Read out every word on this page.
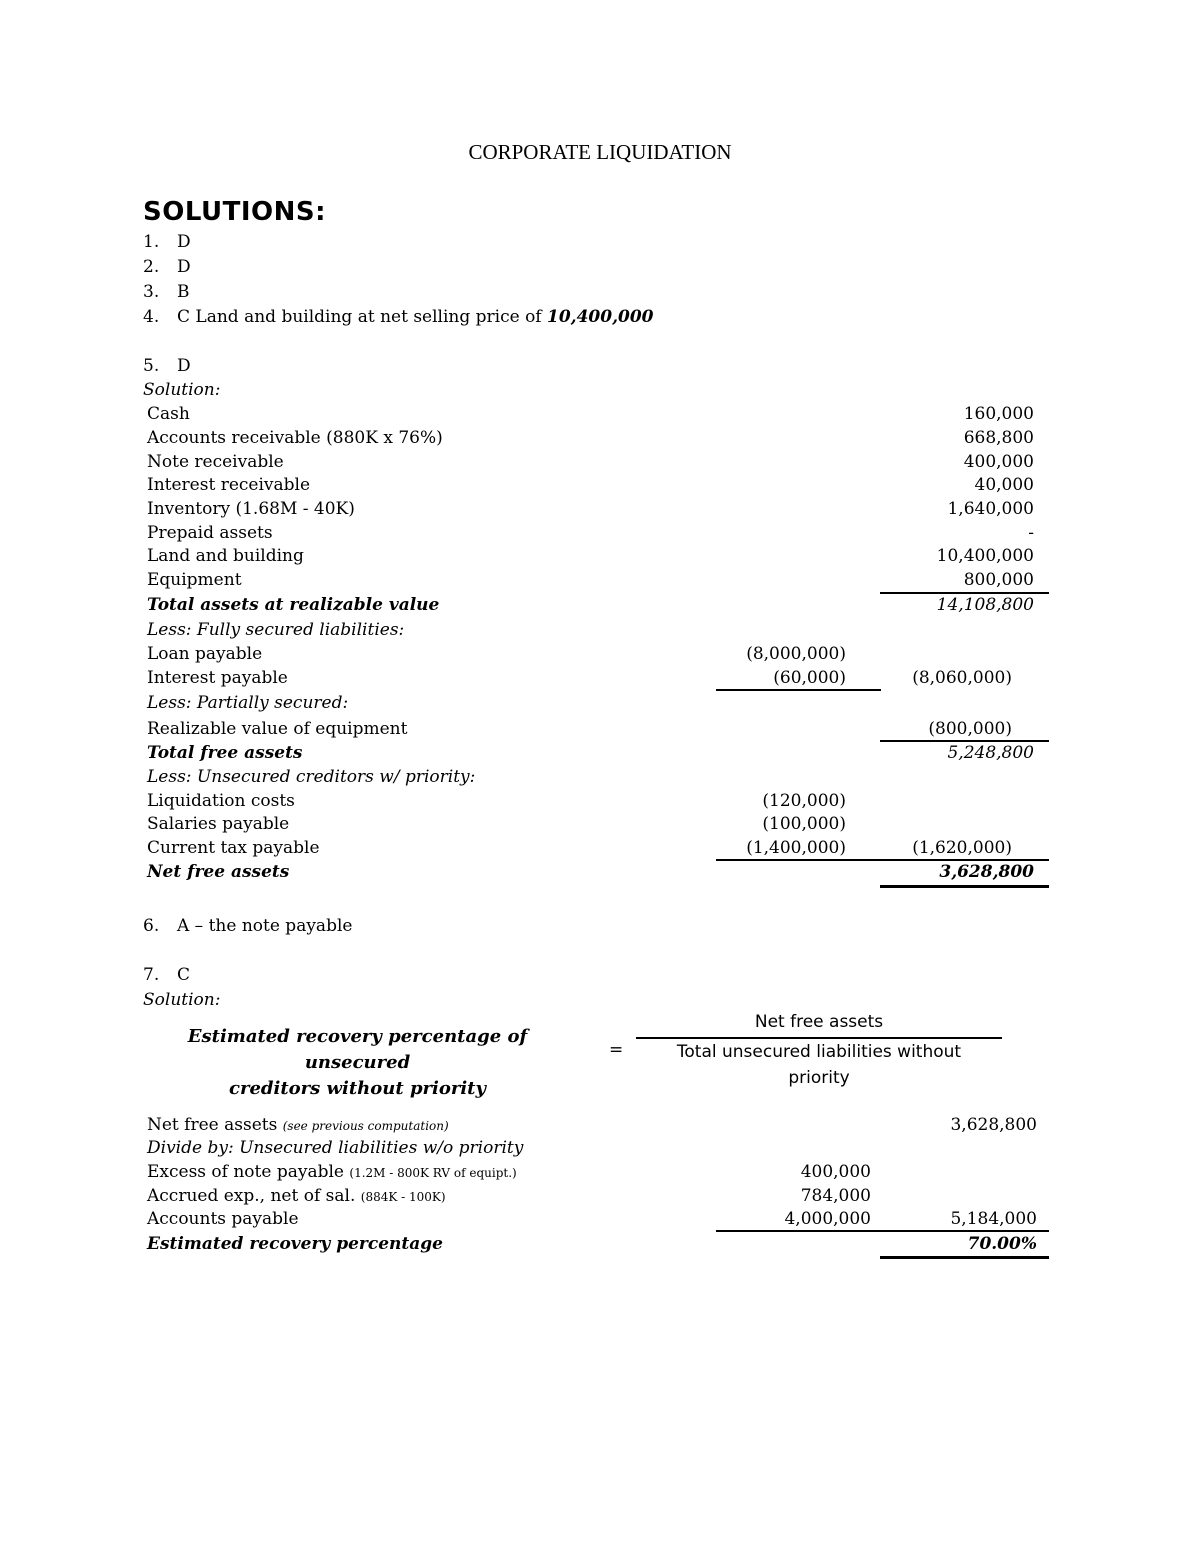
CORPORATE LIQUIDATION
SOLUTIONS:
1. D
2. D
3. B
4. C Land and building at net selling price of 10,400,000
5. D
Solution:
Cash	160,000
Accounts receivable (880K x 76%)	668,800
Note receivable	400,000
Interest receivable	40,000
Inventory (1.68M - 40K)	1,640,000
Prepaid assets	-
Land and building	10,400,000
Equipment	800,000
Total assets at realizable value	14,108,800
Less: Fully secured liabilities:
Loan payable	(8,000,000)
Interest payable	(60,000)	(8,060,000)
Less: Partially secured:
Realizable value of equipment	(800,000)
Total free assets	5,248,800
Less: Unsecured creditors w/ priority:
Liquidation costs	(120,000)
Salaries payable	(100,000)
Current tax payable	(1,400,000)	(1,620,000)
Net free assets	3,628,800
6. A – the note payable
7. C
Solution:
Estimated recovery percentage of unsecured
creditors without priority
=
Net free assets
Total unsecured liabilities without
priority
Net free assets (see previous computation)	3,628,800
Divide by: Unsecured liabilities w/o priority
Excess of note payable (1.2M - 800K RV of equipt.)	400,000
Accrued exp., net of sal. (884K - 100K)	784,000
Accounts payable	4,000,000	5,184,000
Estimated recovery percentage	70.00%
